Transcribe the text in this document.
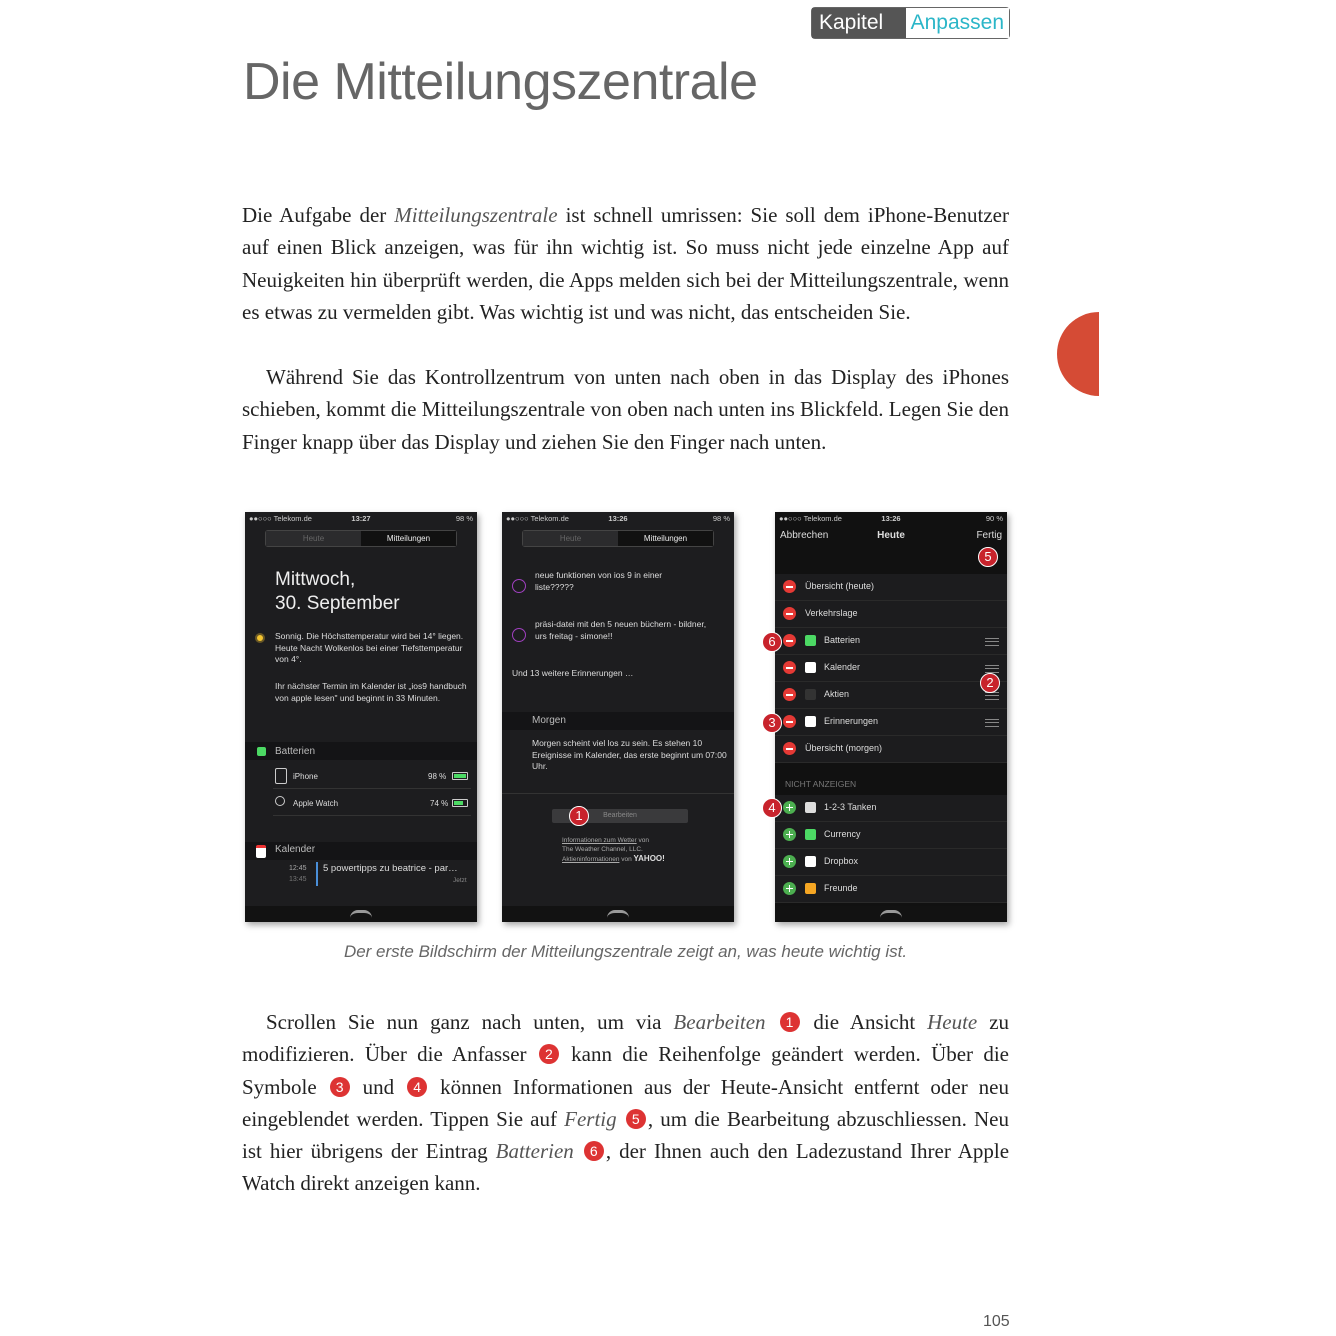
Kapitel 3
Anpassen
Die Mitteilungszentrale

Die Aufgabe der Mitteilungszentrale ist schnell umrissen: Sie soll dem iPhone-Benutzer auf einen Blick anzeigen, was für ihn wichtig ist. So muss nicht jede einzelne App auf Neuigkeiten hin überprüft werden, die Apps melden sich bei der Mitteilungszentrale, wenn es etwas zu vermelden gibt. Was wichtig ist und was nicht, das entscheiden Sie.

Während Sie das Kontrollzentrum von unten nach oben in das Display des iPhones schieben, kommt die Mitteilungszentrale von oben nach unten ins Blickfeld. Legen Sie den Finger knapp über das Display und ziehen Sie den Finger nach unten.

●●○○○ Telekom.de	13:27	98 %
Heute	Mitteilungen
Mittwoch,
30. September
Sonnig. Die Höchsttemperatur wird bei 14° liegen. Heute Nacht Wolkenlos bei einer Tiefsttemperatur von 4°.
Ihr nächster Termin im Kalender ist „ios9 handbuch von apple lesen" und beginnt in 33 Minuten.
Batterien
iPhone	98 %
Apple Watch	74 %
Kalender
12:45
13:45
5 powertipps zu beatrice - par…
Jetzt
●●○○○ Telekom.de	13:26	98 %
Heute	Mitteilungen
neue funktionen von ios 9 in einer liste?????
präsi-datei mit den 5 neuen büchern - bildner, urs freitag - simone!!
Und 13 weitere Erinnerungen …
Morgen
Morgen scheint viel los zu sein. Es stehen 10 Ereignisse im Kalender, das erste beginnt um 07:00 Uhr.
Bearbeiten
1
Informationen zum Wetter von
The Weather Channel, LLC.
Aktieninformationen von YAHOO!
●●○○○ Telekom.de	13:26	90 %
Abbrechen	Heute	Fertig
Übersicht (heute)
Verkehrslage
Batterien
Kalender
Aktien
Erinnerungen
Übersicht (morgen)
NICHT ANZEIGEN
1-2-3 Tanken
Currency
Dropbox
Freunde
5
6
2
3
4

Der erste Bildschirm der Mitteilungszentrale zeigt an, was heute wichtig ist.

Scrollen Sie nun ganz nach unten, um via Bearbeiten 1 die Ansicht Heute zu modifizieren. Über die Anfasser 2 kann die Reihenfolge geändert werden. Über die Symbole 3 und 4 können Informationen aus der Heute-Ansicht entfernt oder neu eingeblendet werden. Tippen Sie auf Fertig 5 , um die Bearbeitung abzuschliessen. Neu ist hier übrigens der Eintrag Batterien 6 , der Ihnen auch den Ladezustand Ihrer Apple Watch direkt anzeigen kann.

105
